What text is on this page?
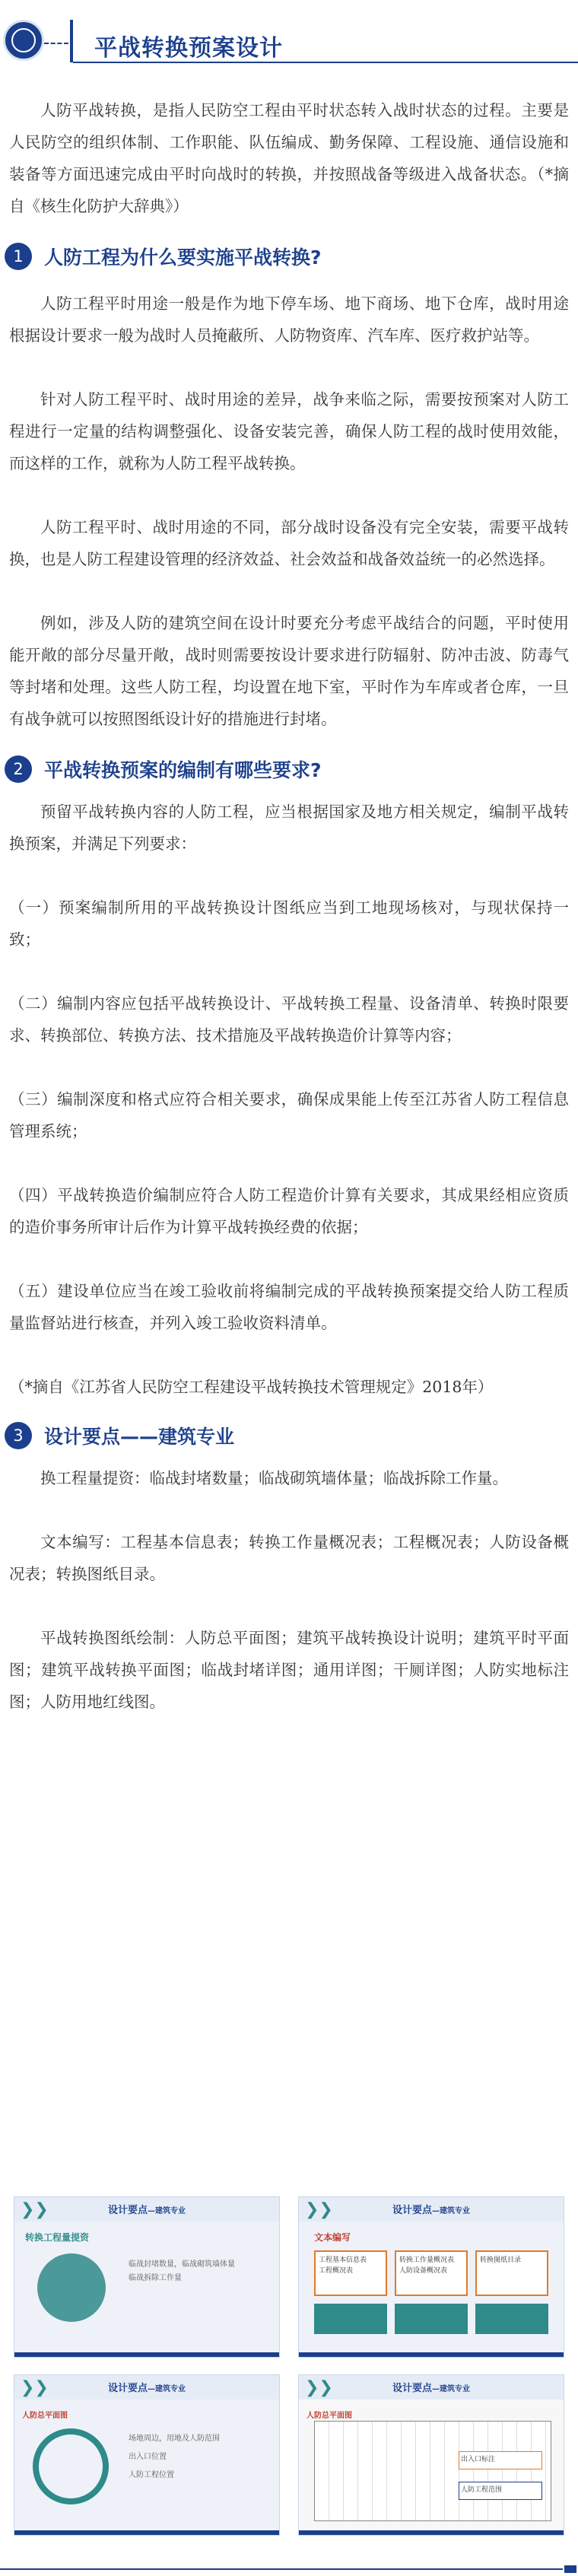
平战转换预案设计

人防平战转换，是指人民防空工程由平时状态转入战时状态的过程。主要是人民防空的组织体制、工作职能、队伍编成、勤务保障、工程设施、通信设施和装备等方面迅速完成由平时向战时的转换，并按照战备等级进入战备状态。（*摘自《核生化防护大辞典》）

1	人防工程为什么要实施平战转换?

人防工程平时用途一般是作为地下停车场、地下商场、地下仓库，战时用途根据设计要求一般为战时人员掩蔽所、人防物资库、汽车库、医疗救护站等。

针对人防工程平时、战时用途的差异，战争来临之际，需要按预案对人防工程进行一定量的结构调整强化、设备安装完善，确保人防工程的战时使用效能，而这样的工作，就称为人防工程平战转换。

人防工程平时、战时用途的不同，部分战时设备没有完全安装，需要平战转换，也是人防工程建设管理的经济效益、社会效益和战备效益统一的必然选择。

例如，涉及人防的建筑空间在设计时要充分考虑平战结合的问题，平时使用能开敞的部分尽量开敞，战时则需要按设计要求进行防辐射、防冲击波、防毒气等封堵和处理。这些人防工程，均设置在地下室，平时作为车库或者仓库，一旦有战争就可以按照图纸设计好的措施进行封堵。

2	平战转换预案的编制有哪些要求?

预留平战转换内容的人防工程，应当根据国家及地方相关规定，编制平战转换预案，并满足下列要求：

（一）预案编制所用的平战转换设计图纸应当到工地现场核对，与现状保持一致；

（二）编制内容应包括平战转换设计、平战转换工程量、设备清单、转换时限要求、转换部位、转换方法、技术措施及平战转换造价计算等内容；

（三）编制深度和格式应符合相关要求，确保成果能上传至江苏省人防工程信息管理系统；

（四）平战转换造价编制应符合人防工程造价计算有关要求，其成果经相应资质的造价事务所审计后作为计算平战转换经费的依据；

（五）建设单位应当在竣工验收前将编制完成的平战转换预案提交给人防工程质量监督站进行核查，并列入竣工验收资料清单。

（*摘自《江苏省人民防空工程建设平战转换技术管理规定》2018年）

3	设计要点——建筑专业

换工程量提资：临战封堵数量；临战砌筑墙体量；临战拆除工作量。

文本编写：工程基本信息表；转换工作量概况表；工程概况表；人防设备概况表；转换图纸目录。

平战转换图纸绘制：人防总平面图；建筑平战转换设计说明；建筑平时平面图；建筑平战转换平面图；临战封堵详图；通用详图；干厕详图；人防实地标注图；人防用地红线图。

❯❯	设计要点—建筑专业
转换工程量提资
临战封堵数量，临战砌筑墙体量
临战拆除工作量
❯❯	设计要点—建筑专业
文本编写
工程基本信息表
工程概况表
转换工作量概况表
人防设备概况表
转换图纸目录
❯❯	设计要点—建筑专业
人防总平面图
场地周边，用地及人防范围
出入口位置
人防工程位置
❯❯	设计要点—建筑专业
人防总平面图
出入口标注
人防工程范围
